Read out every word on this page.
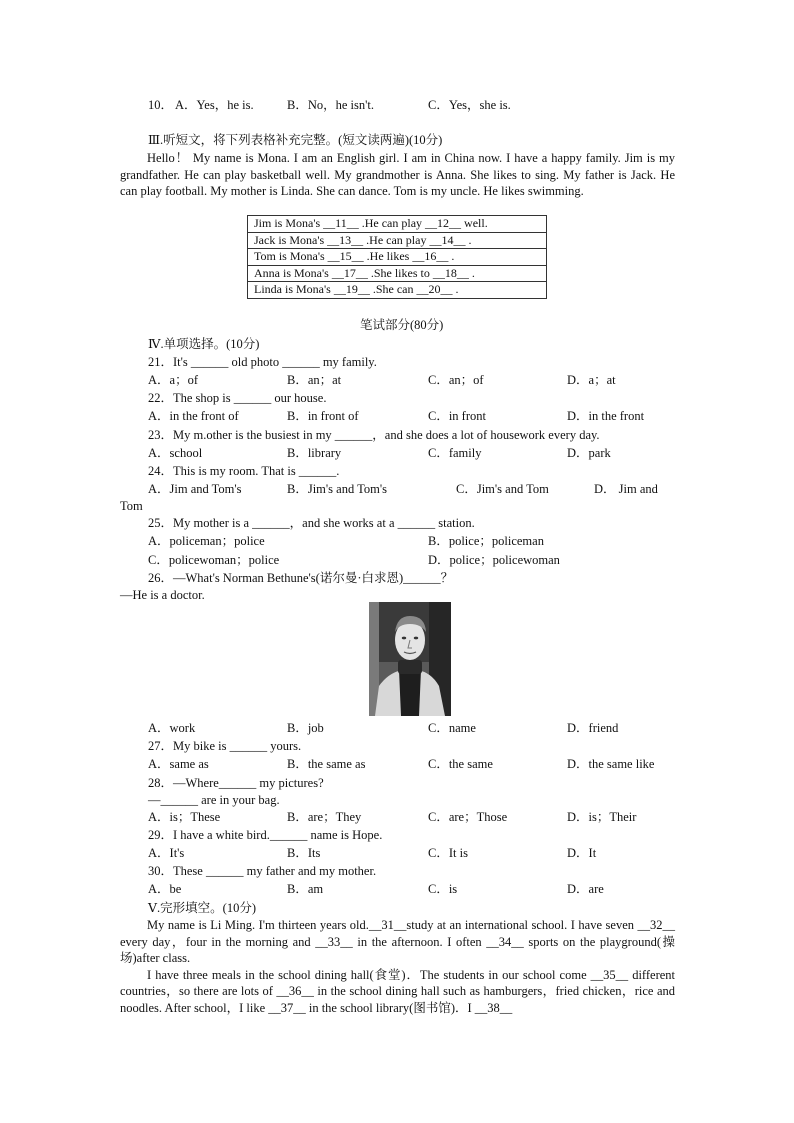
10． A．Yes，he is.	B．No，he isn't.	C．Yes，she is.
Ⅲ.听短文，将下列表格补充完整。(短文读两遍)(10分)

Hello！ My name is Mona. I am an English girl. I am in China now. I have a happy family. Jim is my grandfather. He can play basketball well. My grandmother is Anna. She likes to sing. My father is Jack. He can play football. My mother is Linda. She can dance. Tom is my uncle. He likes swimming.

Jim is Mona's __11__ .He can play __12__ well.
Jack is Mona's __13__ .He can play __14__ .
Tom is Mona's __15__ .He likes __16__ .
Anna is Mona's __17__ .She likes to __18__ .
Linda is Mona's __19__ .She can __20__ .
笔试部分(80分)
Ⅳ.单项选择。(10分)
21．It's ______ old photo ______ my family.
A．a；of	B．an；at	C．an；of	D．a；at
22．The shop is ______ our house.
A．in the front of	B．in front of	C．in front	D．in the front
23．My m.other is the busiest in my ______，and she does a lot of housework every day.
A．school	B．library	C．family	D．park
24．This is my room. That is ______.
A．Jim and Tom's	B．Jim's and Tom's	C．Jim's and Tom	D． Jim and
Tom
25．My mother is a ______，and she works at a ______ station.
A．policeman；police	B．police；policeman
C．policewoman；police	D．police；policewoman
26．—What's Norman Bethune's(诺尔曼·白求恩)______？
—He is a doctor.
A．work	B．job	C．name	D．friend
27．My bike is ______ yours.
A．same as	B．the same as	C．the same	D．the same like
28．—Where______ my pictures?
—______ are in your bag.
A．is；These	B．are；They	C．are；Those	D．is；Their
29．I have a white bird.______ name is Hope.
A．It's	B．Its	C．It is	D．It
30．These ______ my father and my mother.
A．be	B．am	C．is	D．are
Ⅴ.完形填空。(10分)

My name is Li Ming. I'm thirteen years old.__31__study at an international school. I have seven __32__ every day，four in the morning and __33__ in the afternoon. I often __34__ sports on the playground(操场)after class.

I have three meals in the school dining hall(食堂)．The students in our school come __35__ different countries，so there are lots of __36__ in the school dining hall such as hamburgers，fried chicken，rice and noodles. After school，I like __37__ in the school library(图书馆)．I __38__
